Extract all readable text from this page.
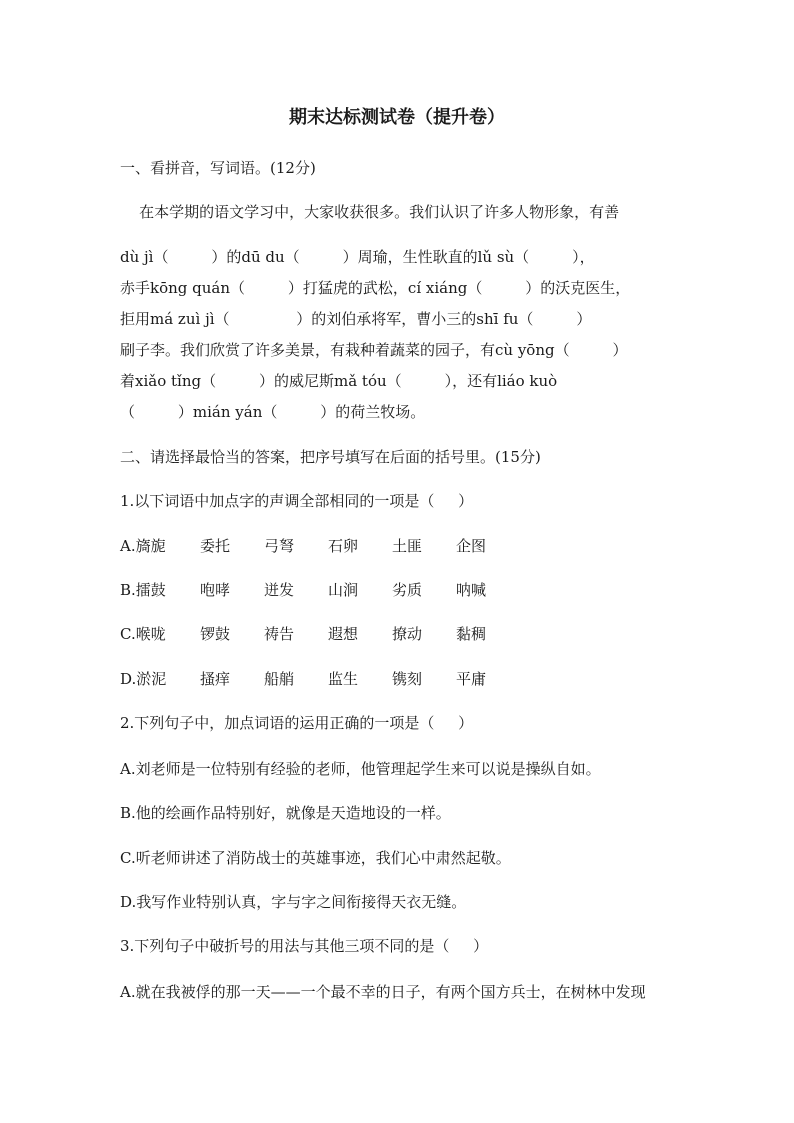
期末达标测试卷（提升卷）
一、看拼音，写词语。(12分)
在本学期的语文学习中，大家收获很多。我们认识了许多人物形象，有善
dù jì（         ）的dū du（         ）周瑜，生性耿直的lǔ sù（         ），
赤手kōng quán（         ）打猛虎的武松，cí xiáng（         ）的沃克医生，
拒用má zuì jì（              ）的刘伯承将军，曹小三的shī fu（         ）
刷子李。我们欣赏了许多美景，有栽种着蔬菜的园子，有cù yōng（         ）
着xiǎo tǐng（         ）的威尼斯mǎ tóu（         ），还有liáo kuò
（         ）mián yán（         ）的荷兰牧场。
二、请选择最恰当的答案，把序号填写在后面的括号里。(15分)
1.以下词语中加点字的声调全部相同的一项是（     ）
A.旖旎	委托	弓弩	石卵	土匪	企图
B.擂鼓	咆哮	迸发	山涧	劣质	呐喊
C.喉咙	锣鼓	祷告	遐想	撩动	黏稠
D.淤泥	搔痒	船艄	监生	镌刻	平庸
2.下列句子中，加点词语的运用正确的一项是（     ）
A.刘老师是一位特别有经验的老师，他管理起学生来可以说是操纵自如。
B.他的绘画作品特别好，就像是天造地设的一样。
C.听老师讲述了消防战士的英雄事迹，我们心中肃然起敬。
D.我写作业特别认真，字与字之间衔接得天衣无缝。
3.下列句子中破折号的用法与其他三项不同的是（     ）
A.就在我被俘的那一天——一个最不幸的日子，有两个国方兵士，在树林中发现
